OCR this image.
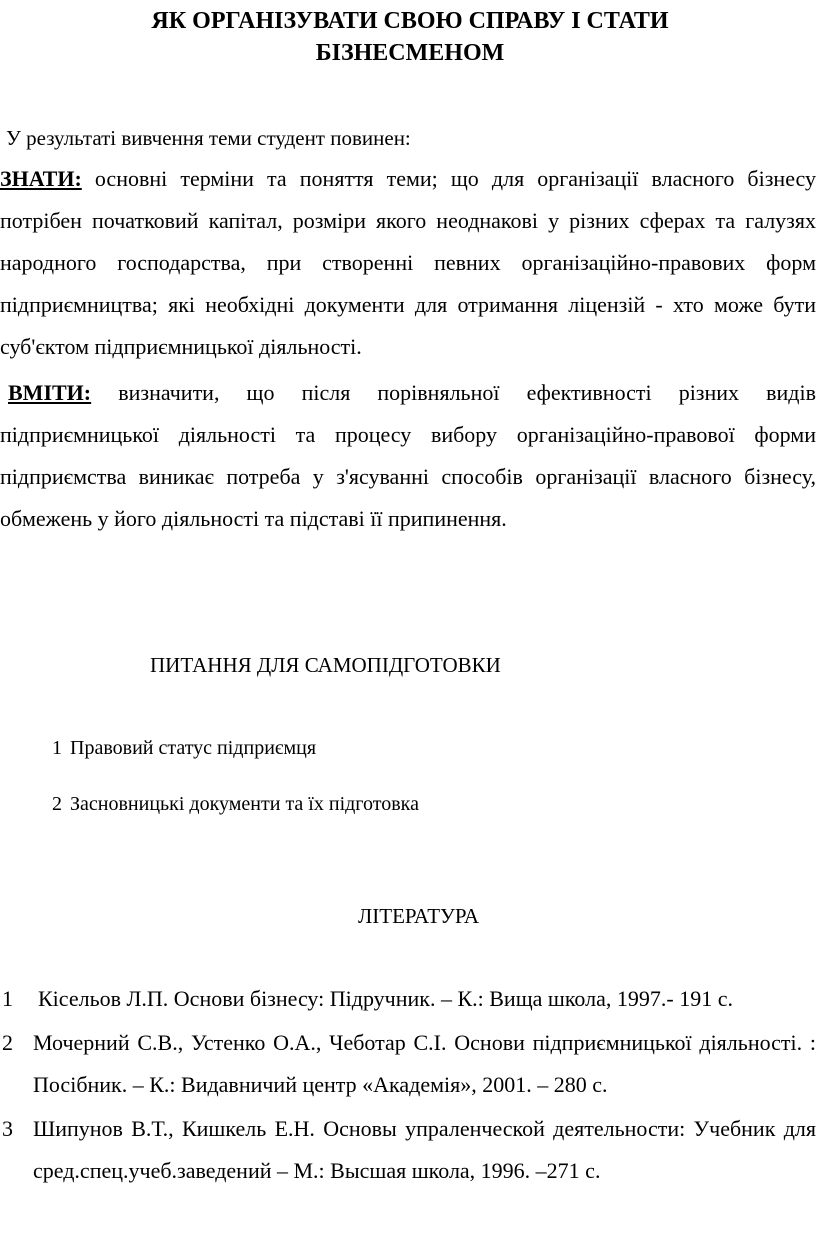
ЯК ОРГАНІЗУВАТИ СВОЮ СПРАВУ І СТАТИ БІЗНЕСМЕНОМ
У результаті вивчення теми студент повинен:
ЗНАТИ: основні терміни та поняття теми; що для організації власного бізнесу потрібен початковий капітал, розміри якого неоднакові у різних сферах та галузях народного господарства, при створенні певних організаційно-правових форм підприємництва; які необхідні документи для отримання ліцензій - хто може бути суб'єктом підприємницької діяльності.
ВМІТИ: визначити, що після порівняльної ефективності різних видів підприємницької діяльності та процесу вибору організаційно-правової форми підприємства виникає потреба у з'ясуванні способів організації власного бізнесу, обмежень у його діяльності та підставі її припинення.
ПИТАННЯ ДЛЯ САМОПІДГОТОВКИ
1 Правовий статус підприємця
2 Засновницькі документи та їх підготовка
ЛІТЕРАТУРА
1 Кісельов Л.П. Основи бізнесу: Підручник. – К.: Вища школа, 1997.- 191 с.
2 Мочерний С.В., Устенко О.А., Чеботар С.І. Основи підприємницької діяльності. : Посібник. – К.: Видавничий центр «Академія», 2001. – 280 с.
3 Шипунов В.Т., Кишкель Е.Н. Основы упраленческой деятельности: Учебник для сред.спец.учеб.заведений – М.: Высшая школа, 1996. –271 с.
